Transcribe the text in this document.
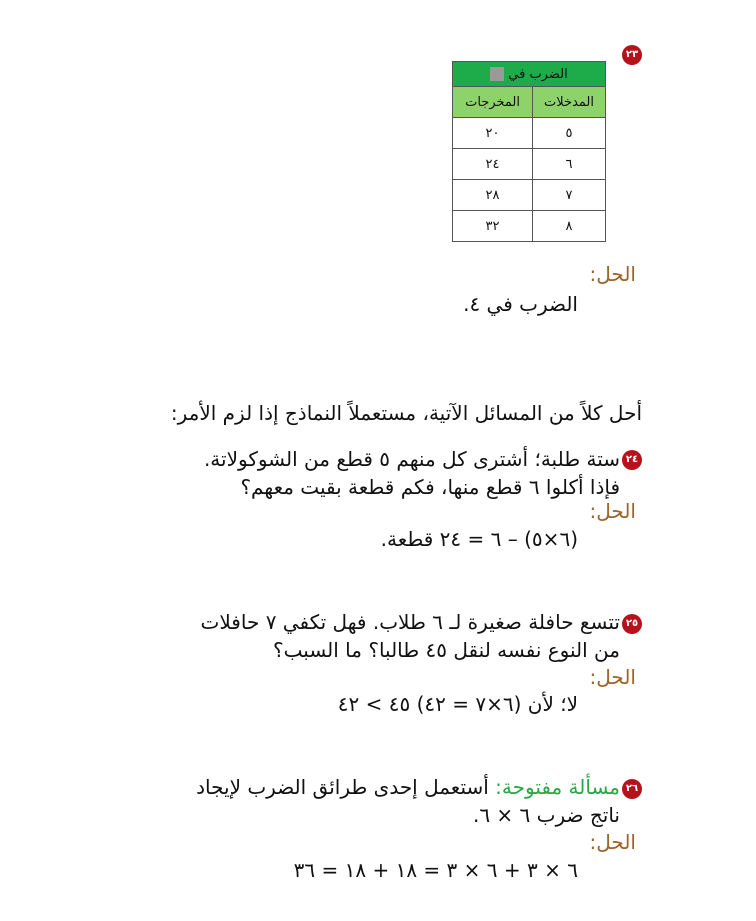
٢٣
الضرب في	
المدخلات	المخرجات
٥	٢٠
٦	٢٤
٧	٢٨
٨	٣٢
الحل:
الضرب في ٤.
أحل كلاً من المسائل الآتية، مستعملاً النماذج إذا لزم الأمر:
٢٤
ستة طلبة؛ أشترى كل منهم ٥ قطع من الشوكولاتة.
فإذا أكلوا ٦ قطع منها، فكم قطعة بقيت معهم؟
الحل:
(٦×٥) – ٦ = ٢٤ قطعة.
٢٥
تتسع حافلة صغيرة لـ ٦ طلاب. فهل تكفي ٧ حافلات
من النوع نفسه لنقل ٤٥ طالبا؟ ما السبب؟
الحل:
لا؛ لأن (٦×٧ = ٤٢) ٤٥ > ٤٢
٢٦
مسألة مفتوحة: أستعمل إحدى طرائق الضرب لإيجاد
ناتج ضرب ٦ × ٦.
الحل:
٦ × ٣ + ٦ × ٣ = ١٨ + ١٨ = ٣٦
